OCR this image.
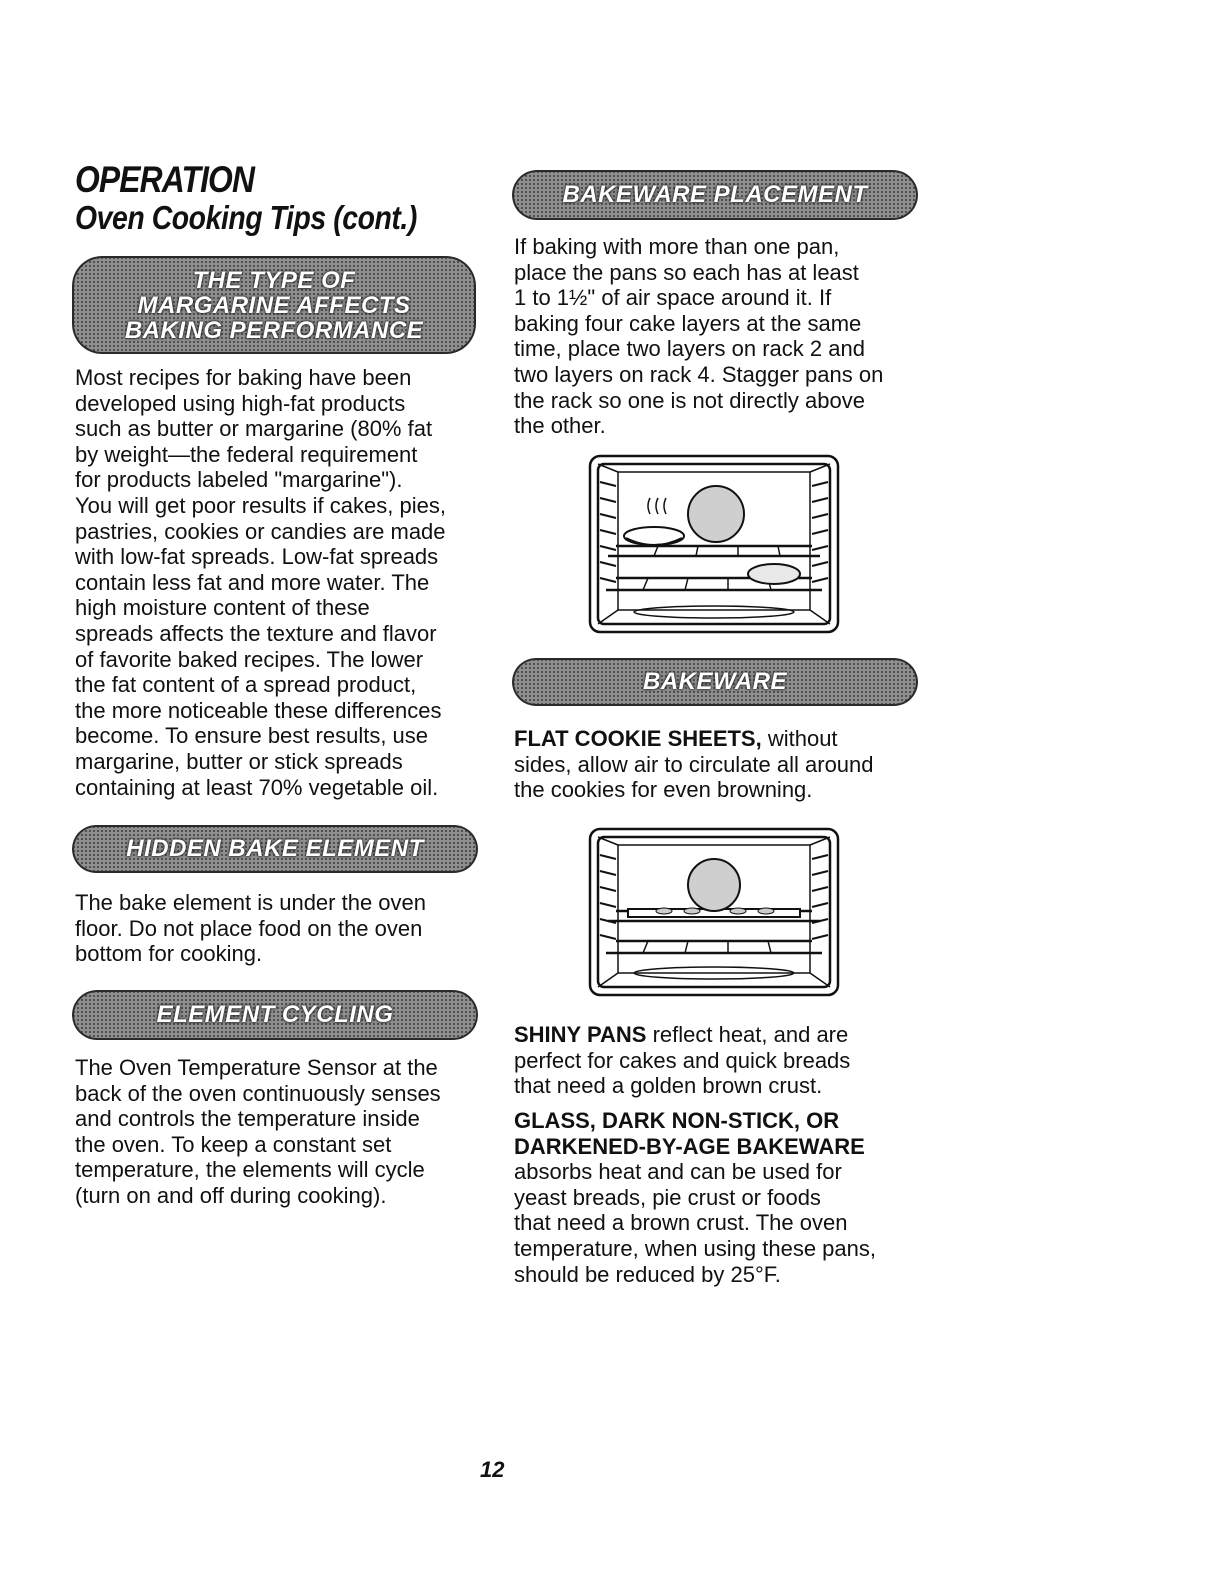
OPERATION
Oven Cooking Tips (cont.)
THE TYPE OF
MARGARINE AFFECTS
BAKING PERFORMANCE
Most recipes for baking have been
developed using high-fat products
such as butter or margarine (80% fat
by weight—the federal requirement
for products labeled "margarine").
You will get poor results if cakes, pies,
pastries, cookies or candies are made
with low-fat spreads. Low-fat spreads
contain less fat and more water. The
high moisture content of these
spreads affects the texture and flavor
of favorite baked recipes. The lower
the fat content of a spread product,
the more noticeable these differences
become. To ensure best results, use
margarine, butter or stick spreads
containing at least 70% vegetable oil.
HIDDEN BAKE ELEMENT
The bake element is under the oven
floor. Do not place food on the oven
bottom for cooking.
ELEMENT CYCLING
The Oven Temperature Sensor at the
back of the oven continuously senses
and controls the temperature inside
the oven. To keep a constant set
temperature, the elements will cycle
(turn on and off during cooking).
BAKEWARE PLACEMENT
If baking with more than one pan,
place the pans so each has at least
1 to 1½" of air space around it. If
baking four cake layers at the same
time, place two layers on rack 2 and
two layers on rack 4. Stagger pans on
the rack so one is not directly above
the other.
BAKEWARE
FLAT COOKIE SHEETS, without
sides, allow air to circulate all around
the cookies for even browning.
SHINY PANS reflect heat, and are
perfect for cakes and quick breads
that need a golden brown crust.
GLASS, DARK NON-STICK, OR
DARKENED-BY-AGE BAKEWARE
absorbs heat and can be used for
yeast breads, pie crust or foods
that need a brown crust. The oven
temperature, when using these pans,
should be reduced by 25°F.
12
